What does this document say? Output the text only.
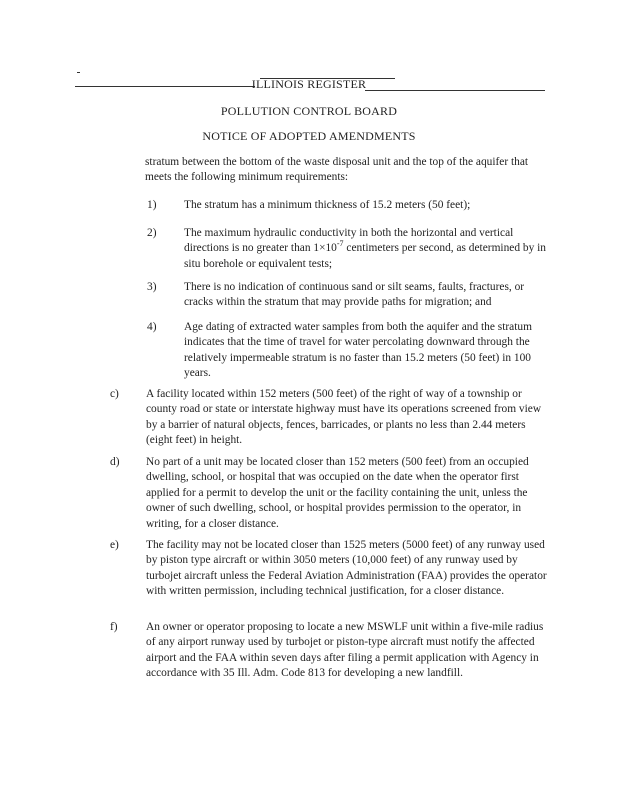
ILLINOIS REGISTER
POLLUTION CONTROL BOARD
NOTICE OF ADOPTED AMENDMENTS

stratum between the bottom of the waste disposal unit and the top of the aquifer that meets the following minimum requirements:

1) The stratum has a minimum thickness of 15.2 meters (50 feet);

2) The maximum hydraulic conductivity in both the horizontal and vertical directions is no greater than $1\times 10^{-7}$ centimeters per second, as determined by in situ borehole or equivalent tests;

3) There is no indication of continuous sand or silt seams, faults, fractures, or cracks within the stratum that may provide paths for migration; and

4) Age dating of extracted water samples from both the aquifer and the stratum indicates that the time of travel for water percolating downward through the relatively impermeable stratum is no faster than 15.2 meters (50 feet) in 100 years.

c) A facility located within 152 meters (500 feet) of the right of way of a township or county road or state or interstate highway must have its operations screened from view by a barrier of natural objects, fences, barricades, or plants no less than 2.44 meters (eight feet) in height.

d) No part of a unit may be located closer than 152 meters (500 feet) from an occupied dwelling, school, or hospital that was occupied on the date when the operator first applied for a permit to develop the unit or the facility containing the unit, unless the owner of such dwelling, school, or hospital provides permission to the operator, in writing, for a closer distance.

e) The facility may not be located closer than 1525 meters (5000 feet) of any runway used by piston type aircraft or within 3050 meters (10,000 feet) of any runway used by turbojet aircraft unless the Federal Aviation Administration (FAA) provides the operator with written permission, including technical justification, for a closer distance.

f) An owner or operator proposing to locate a new MSWLF unit within a five-mile radius of any airport runway used by turbojet or piston-type aircraft must notify the affected airport and the FAA within seven days after filing a permit application with Agency in accordance with 35 Ill. Adm. Code 813 for developing a new landfill.
